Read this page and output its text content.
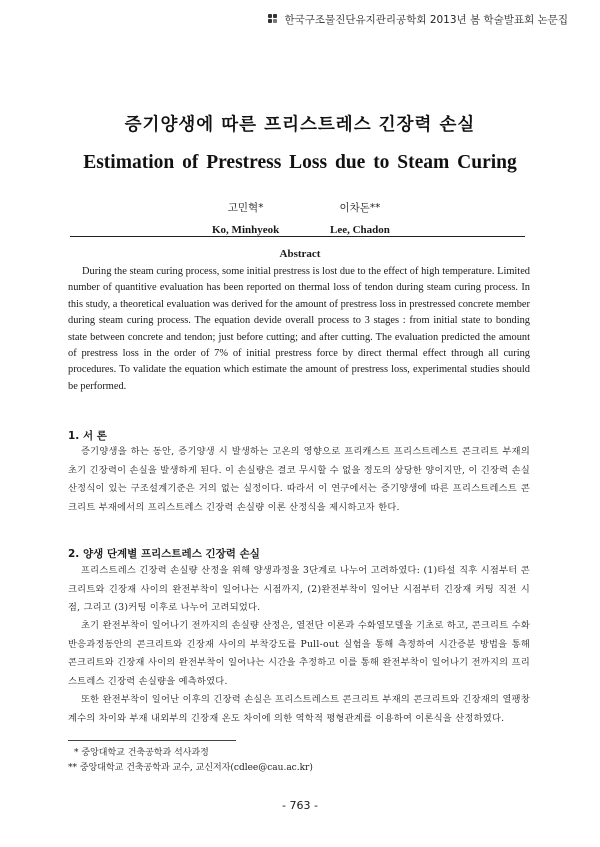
한국구조물진단유지관리공학회 2013년 봄 학술발표회 논문집
증기양생에 따른 프리스트레스 긴장력 손실
Estimation of Prestress Loss due to Steam Curing
고민혁*
Ko, Minhyeok
이차돈**
Lee, Chadon
Abstract

During the steam curing process, some initial prestress is lost due to the effect of high temperature. Limited number of quantitive evaluation has been reported on thermal loss of tendon during steam curing process. In this study, a theoretical evaluation was derived for the amount of prestress loss in prestressed concrete member during steam curing process. The equation devide overall process to 3 stages : from initial state to bonding state between concrete and tendon; just before cutting; and after cutting. The evaluation predicted the amount of prestress loss in the order of 7% of initial prestress force by direct thermal effect through all curing procedures. To validate the equation which estimate the amount of prestress loss, experimental studies should be performed.

1. 서 론

증기양생을 하는 동안, 증기양생 시 발생하는 고온의 영향으로 프리캐스트 프리스트레스트 콘크리트 부재의 초기 긴장력이 손실을 발생하게 된다. 이 손실량은 결코 무시할 수 없을 정도의 상당한 양이지만, 이 긴장력 손실 산정식이 있는 구조설계기준은 거의 없는 실정이다. 따라서 이 연구에서는 증기양생에 따른 프리스트레스트 콘크리트 부재에서의 프리스트레스 긴장력 손실량 이론 산정식을 제시하고자 한다.

2. 양생 단계별 프리스트레스 긴장력 손실

프리스트레스 긴장력 손실량 산정을 위해 양생과정을 3단계로 나누어 고려하였다: (1)타설 직후 시점부터 콘크리트와 긴장재 사이의 완전부착이 일어나는 시점까지, (2)완전부착이 일어난 시점부터 긴장재 커팅 직전 시점, 그리고 (3)커팅 이후로 나누어 고려되었다.

초기 완전부착이 일어나기 전까지의 손실량 산정은, 열전단 이론과 수화열모델을 기초로 하고, 콘크리트 수화반응과정동안의 콘크리트와 긴장재 사이의 부착강도를 Pull-out 실험을 통해 측정하여 시간증분 방법을 통해 콘크리트와 긴장재 사이의 완전부착이 일어나는 시간을 추정하고 이를 통해 완전부착이 일어나기 전까지의 프리스트레스 긴장력 손실량을 예측하였다.

또한 완전부착이 일어난 이후의 긴장력 손실은 프리스트레스트 콘크리트 부재의 콘크리트와 긴장재의 열팽창계수의 차이와 부재 내외부의 긴장재 온도 차이에 의한 역학적 평형관계를 이용하여 이론식을 산정하였다.

* 중앙대학교 건축공학과 석사과정
** 중앙대학교 건축공학과 교수, 교신저자(cdlee@cau.ac.kr)
- 763 -
